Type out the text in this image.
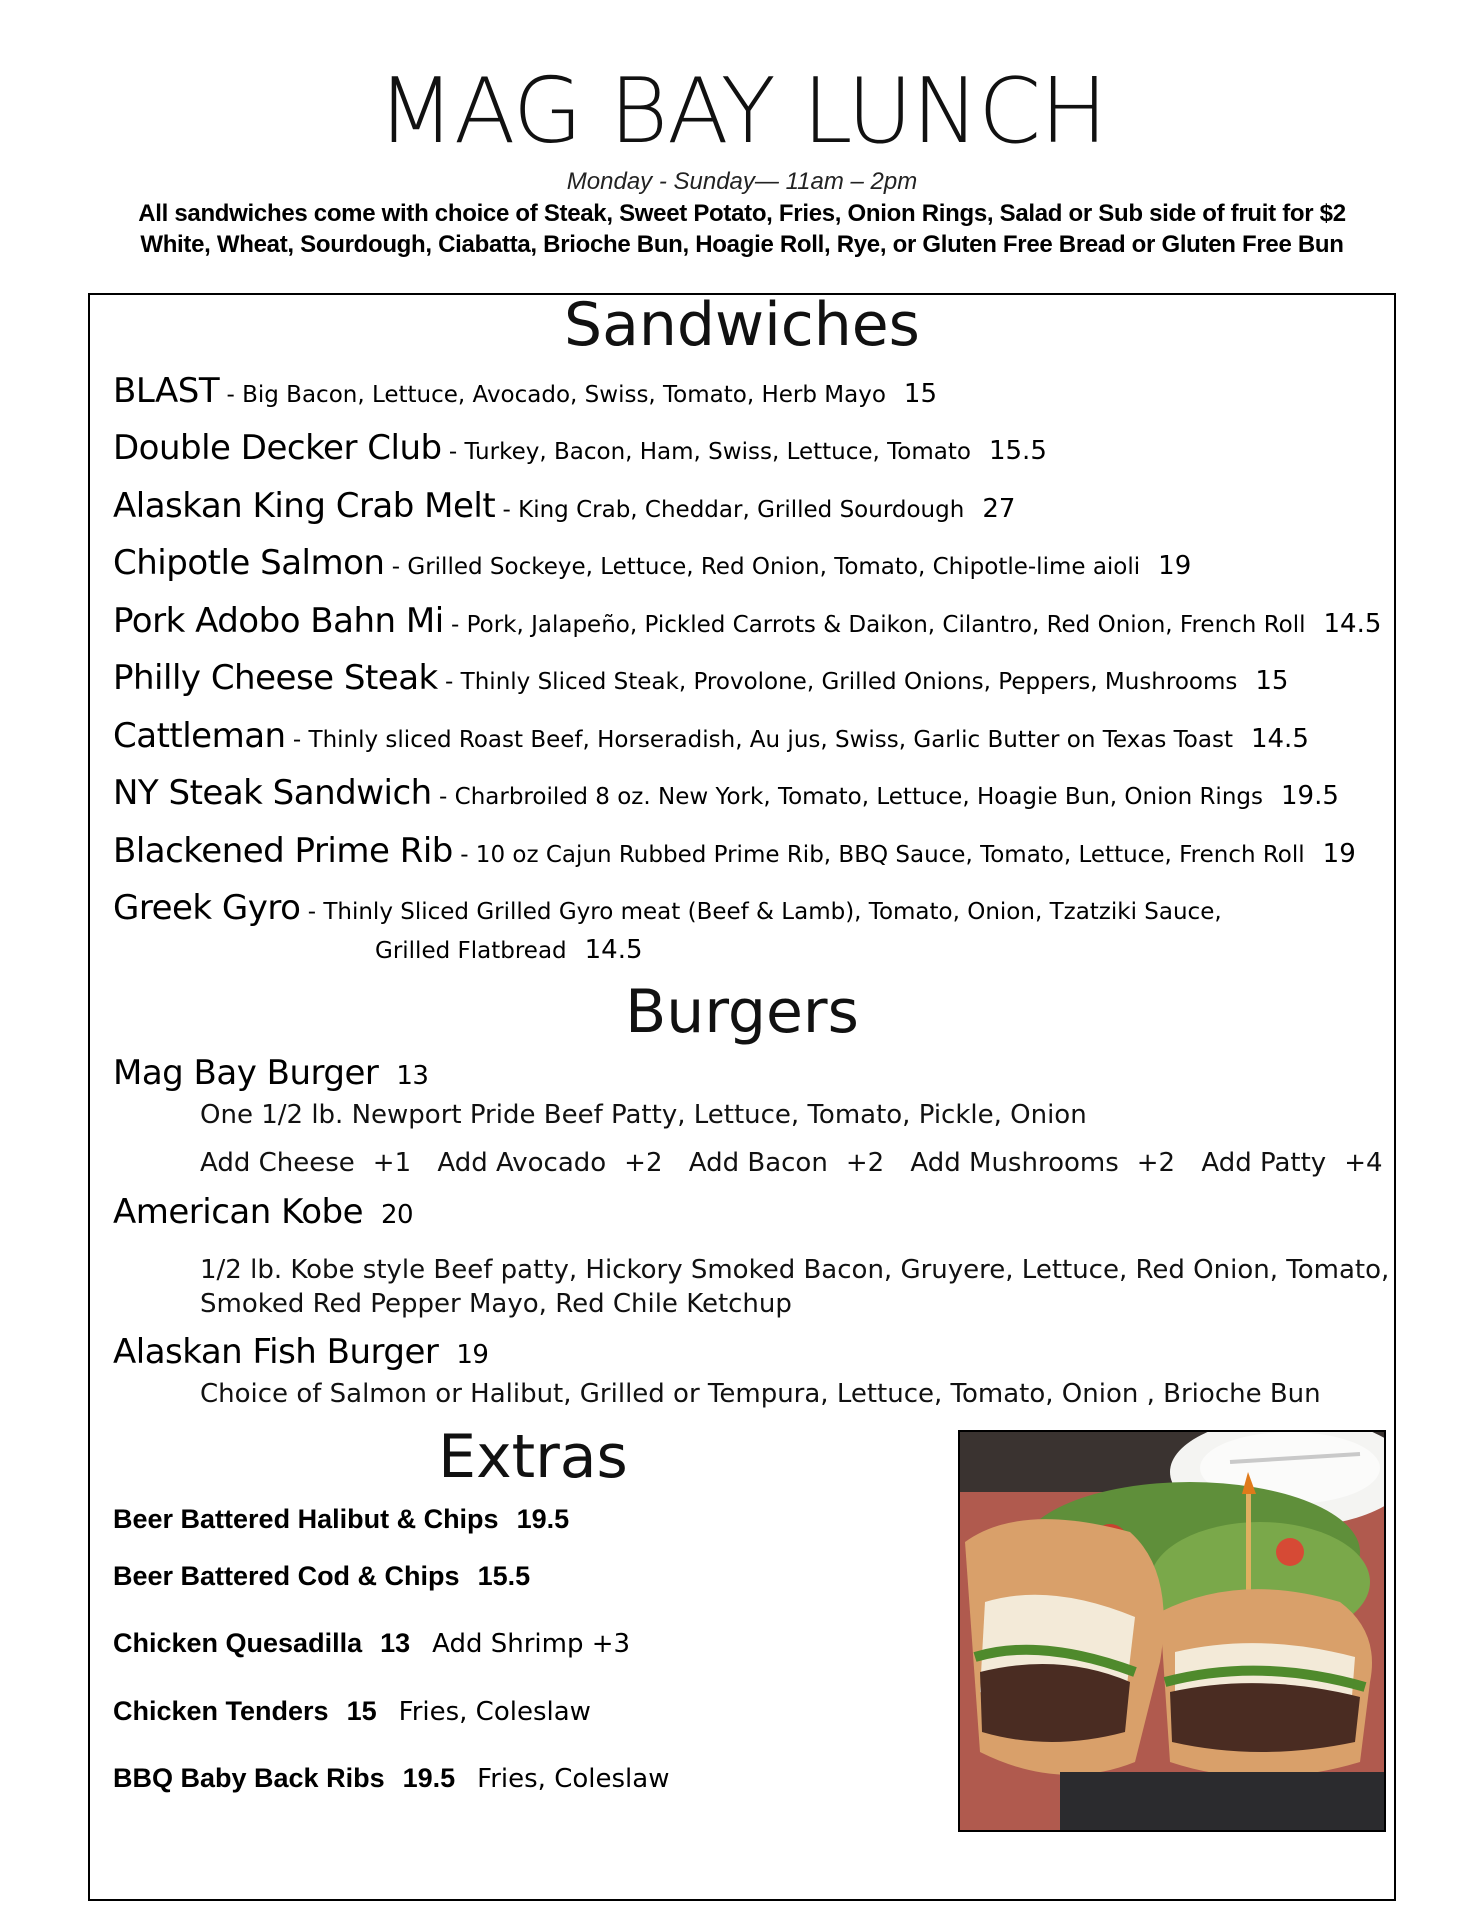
MAG BAY LUNCH
Monday - Sunday— 11am – 2pm
All sandwiches come with choice of Steak, Sweet Potato, Fries, Onion Rings, Salad or Sub side of fruit for $2
White, Wheat, Sourdough, Ciabatta, Brioche Bun, Hoagie Roll, Rye, or Gluten Free Bread or Gluten Free Bun
Sandwiches
BLAST - Big Bacon, Lettuce, Avocado, Swiss, Tomato, Herb Mayo 15
Double Decker Club - Turkey, Bacon, Ham, Swiss, Lettuce, Tomato 15.5
Alaskan King Crab Melt - King Crab, Cheddar, Grilled Sourdough 27
Chipotle Salmon - Grilled Sockeye, Lettuce, Red Onion, Tomato, Chipotle-lime aioli 19
Pork Adobo Bahn Mi - Pork, Jalapeño, Pickled Carrots & Daikon, Cilantro, Red Onion, French Roll 14.5
Philly Cheese Steak - Thinly Sliced Steak, Provolone, Grilled Onions, Peppers, Mushrooms 15
Cattleman - Thinly sliced Roast Beef, Horseradish, Au jus, Swiss, Garlic Butter on Texas Toast 14.5
NY Steak Sandwich - Charbroiled 8 oz. New York, Tomato, Lettuce, Hoagie Bun, Onion Rings 19.5
Blackened Prime Rib - 10 oz Cajun Rubbed Prime Rib, BBQ Sauce, Tomato, Lettuce, French Roll 19
Greek Gyro - Thinly Sliced Grilled Gyro meat (Beef & Lamb), Tomato, Onion, Tzatziki Sauce,
Grilled Flatbread 14.5
Burgers
Mag Bay Burger 13
One 1/2 lb. Newport Pride Beef Patty, Lettuce, Tomato, Pickle, Onion
Add Cheese +1 Add Avocado +2 Add Bacon +2 Add Mushrooms +2 Add Patty +4
American Kobe 20
1/2 lb. Kobe style Beef patty, Hickory Smoked Bacon, Gruyere, Lettuce, Red Onion, Tomato,
Smoked Red Pepper Mayo, Red Chile Ketchup
Alaskan Fish Burger 19
Choice of Salmon or Halibut, Grilled or Tempura, Lettuce, Tomato, Onion , Brioche Bun
Extras
Beer Battered Halibut & Chips 19.5
Beer Battered Cod & Chips 15.5
Chicken Quesadilla 13 Add Shrimp +3
Chicken Tenders 15 Fries, Coleslaw
BBQ Baby Back Ribs 19.5 Fries, Coleslaw
